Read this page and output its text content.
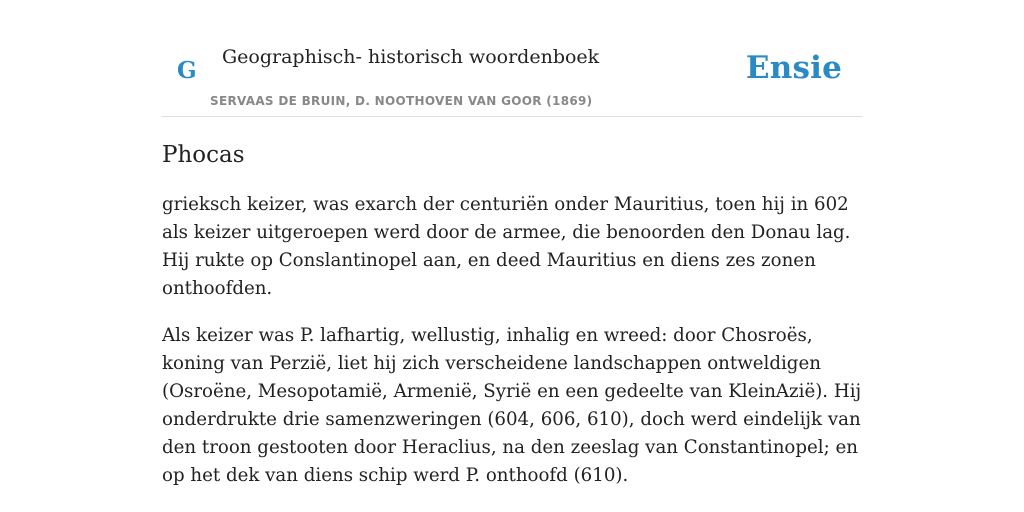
G Geographisch- historisch woordenboek
SERVAAS DE BRUIN, D. NOOTHOVEN VAN GOOR (1869)
Ensie
Phocas

grieksch keizer, was exarch der centuriën onder Mauritius, toen hij in 602 als keizer uitgeroepen werd door de armee, die benoorden den Donau lag. Hij rukte op Conslantinopel aan, en deed Mauritius en diens zes zonen onthoofden.

Als keizer was P. lafhartig, wellustig, inhalig en wreed: door Chosroës, koning van Perzië, liet hij zich verscheidene landschappen ontweldigen (Osroëne, Mesopotamië, Armenië, Syrië en een gedeelte van KleinAzië). Hij onderdrukte drie samenzweringen (604, 606, 610), doch werd eindelijk van den troon gestooten door Heraclius, na den zeeslag van Constantinopel; en op het dek van diens schip werd P. onthoofd (610).
